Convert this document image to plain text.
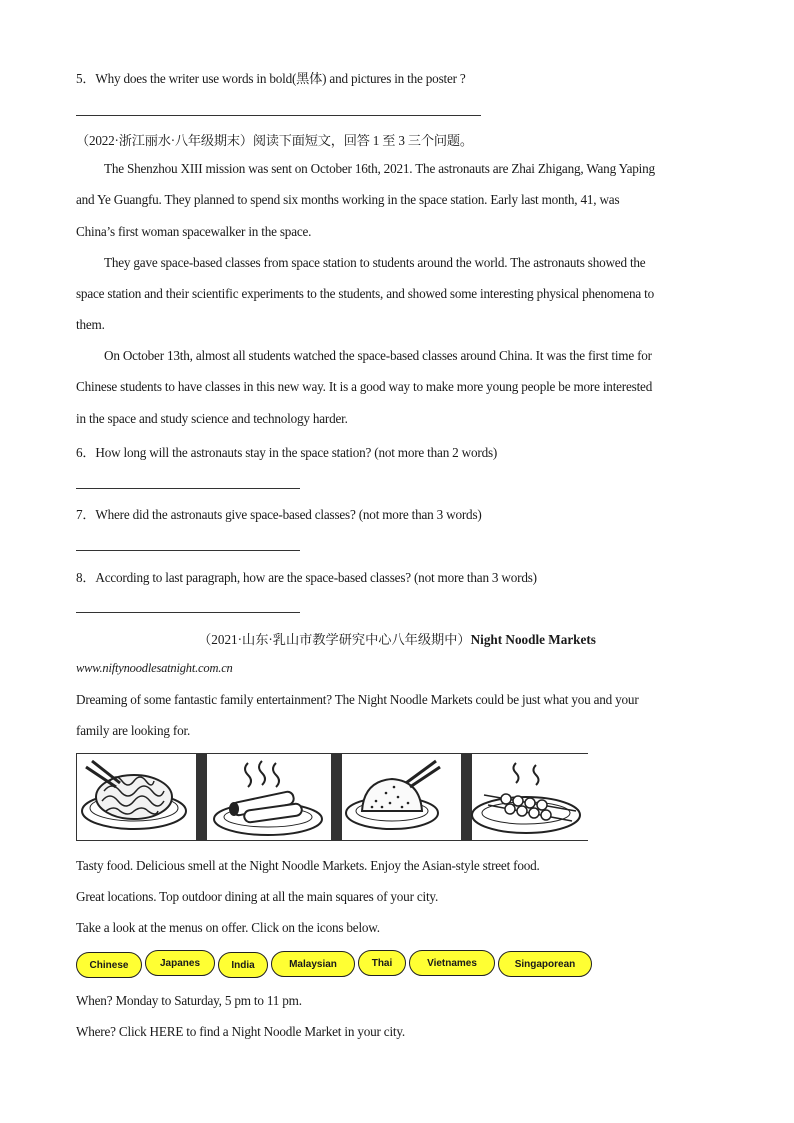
5．Why does the writer use words in bold(黑体) and pictures in the poster ?
（2022·浙江丽水·八年级期末）阅读下面短文，回答 1 至 3 三个问题。
The Shenzhou XIII mission was sent on October 16th, 2021. The astronauts are Zhai Zhigang, Wang Yaping
and Ye Guangfu. They planned to spend six months working in the space station. Early last month, 41, was
China’s first woman spacewalker in the space.
They gave space-based classes from space station to students around the world. The astronauts showed the
space station and their scientific experiments to the students, and showed some interesting physical phenomena to
them.
On October 13th, almost all students watched the space-based classes around China. It was the first time for
Chinese students to have classes in this new way. It is a good way to make more young people be more interested
in the space and study science and technology harder.
6．How long will the astronauts stay in the space station? (not more than 2 words)
7．Where did the astronauts give space-based classes? (not more than 3 words)
8．According to last paragraph, how are the space-based classes? (not more than 3 words)
（2021·山东·乳山市教学研究中心八年级期中）Night Noodle Markets
www.niftynoodlesatnight.com.cn
Dreaming of some fantastic family entertainment? The Night Noodle Markets could be just what you and your
family are looking for.
Tasty food. Delicious smell at the Night Noodle Markets. Enjoy the Asian-style street food.
Great locations. Top outdoor dining at all the main squares of your city.
Take a look at the menus on offer. Click on the icons below.
Chinese	Japanes	India	Malaysian	Thai	Vietnames	Singaporean
When? Monday to Saturday, 5 pm to 11 pm.
Where? Click HERE to find a Night Noodle Market in your city.
